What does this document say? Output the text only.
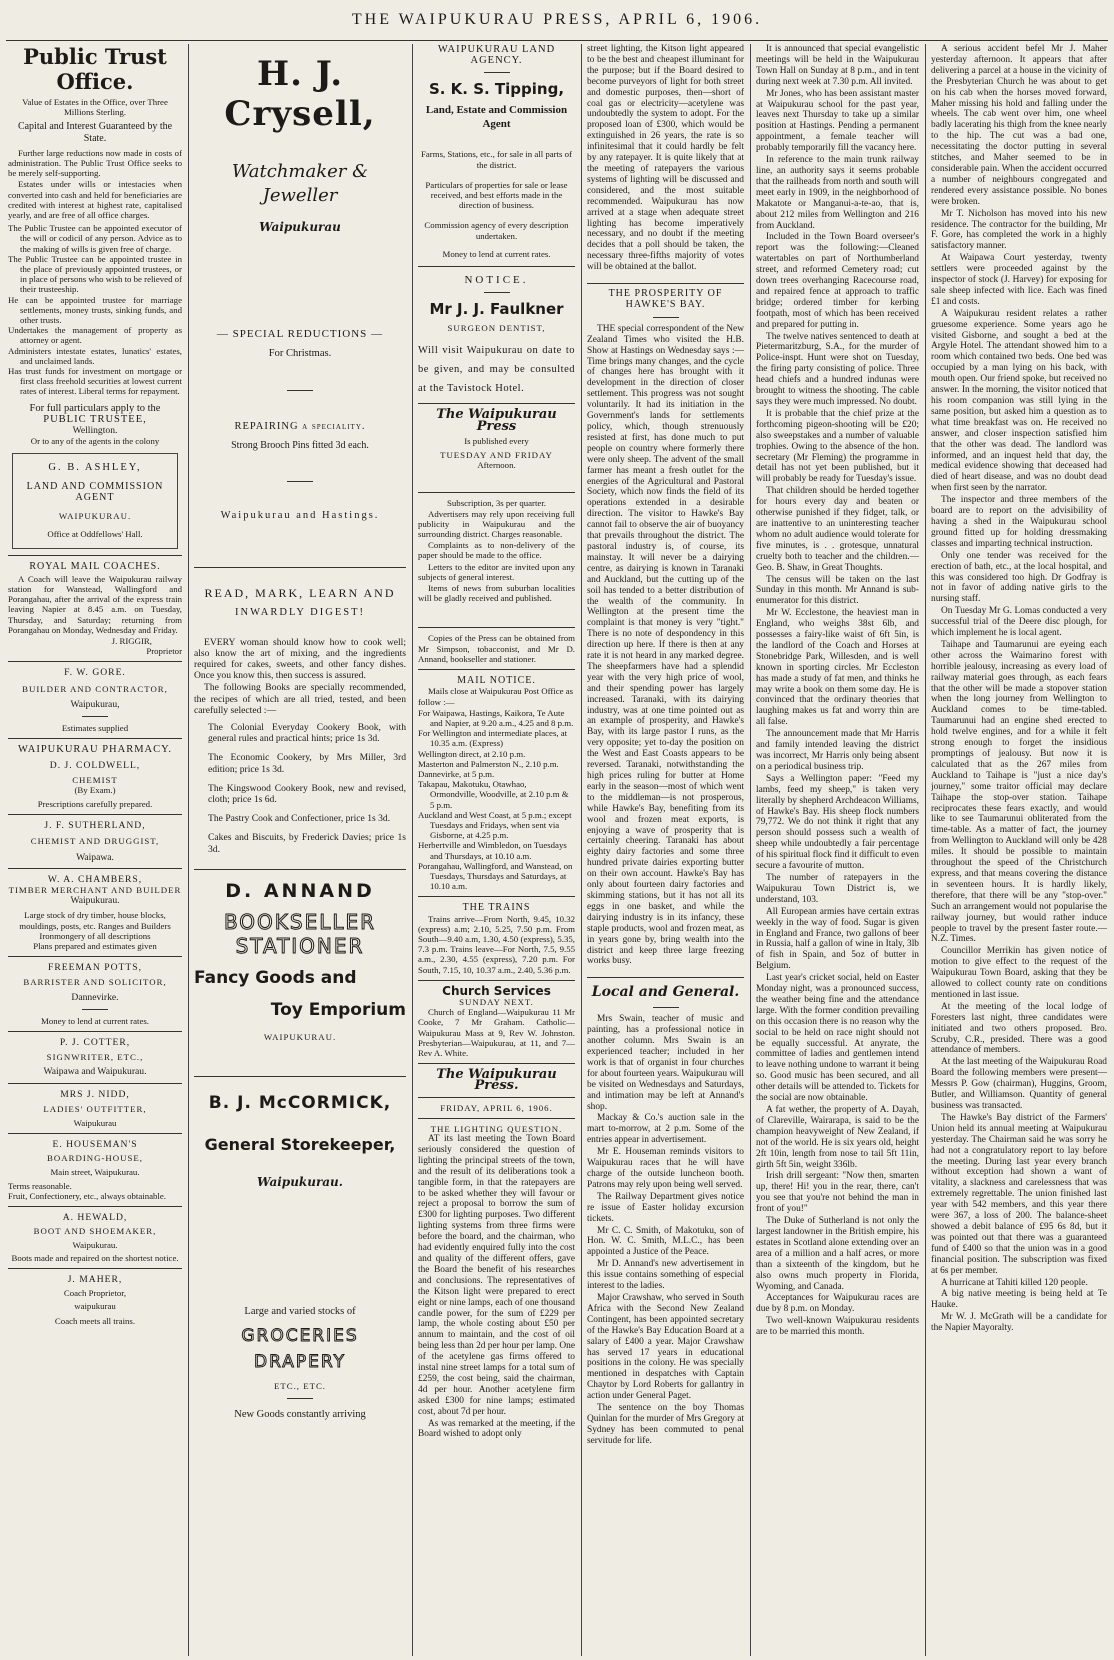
THE WAIPUKURAU PRESS, APRIL 6, 1906.
Public Trust Office.
Value of Estates in the Office, over Three Millions Sterling.
Capital and Interest Guaranteed by the State.
Further large reductions now made in costs of administration. The Public Trust Office seeks to be merely self-supporting.
Estates under wills or intestacies when converted into cash and held for beneficiaries are credited with interest at highest rate, capitalised yearly, and are free of all office charges.
The Public Trustee can be appointed executor of the will or codicil of any person. Advice as to the making of wills is given free of charge.
The Public Trustee can be appointed trustee in the place of previously appointed trustees, or in place of persons who wish to be relieved of their trusteeship.
He can be appointed trustee for marriage settlements, money trusts, sinking funds, and other trusts.
Undertakes the management of property as attorney or agent.
Administers intestate estates, lunatics' estates, and unclaimed lands.
Has trust funds for investment on mortgage or first class freehold securities at lowest current rates of interest. Liberal terms for repayment.
For full particulars apply to the
PUBLIC TRUSTEE,
Wellington.
Or to any of the agents in the colony
G. B. ASHLEY,
LAND AND COMMISSION AGENT
WAIPUKURAU.
Office at Oddfellows' Hall.
ROYAL MAIL COACHES.
A Coach will leave the Waipukurau railway station for Wanstead, Wallingford and Porangahau, after the arrival of the express train leaving Napier at 8.45 a.m. on Tuesday, Thursday, and Saturday; returning from Porangahau on Monday, Wednesday and Friday.
J. RIGGIR,
Proprietor
F. W. GORE.
BUILDER AND CONTRACTOR,
Waipukurau,
Estimates supplied
WAIPUKURAU PHARMACY.
D. J. COLDWELL,
CHEMIST
(By Exam.)
Prescriptions carefully prepared.
J. F. SUTHERLAND,
CHEMIST AND DRUGGIST,
Waipawa.
W. A. CHAMBERS,
TIMBER MERCHANT AND BUILDER
Waipukurau.
Large stock of dry timber, house blocks, mouldings, posts, etc. Ranges and Builders Ironmongery of all descriptions
Plans prepared and estimates given
FREEMAN POTTS,
BARRISTER AND SOLICITOR,
Dannevirke.
Money to lend at current rates.
P. J. COTTER,
SIGNWRITER, ETC.,
Waipawa and Waipukurau.
MRS J. NIDD,
LADIES' OUTFITTER,
Waipukurau
E. HOUSEMAN'S
BOARDING-HOUSE,
Main street, Waipukurau.
Terms reasonable.
Fruit, Confectionery, etc., always obtainable.
A. HEWALD,
BOOT AND SHOEMAKER,
Waipukurau.
Boots made and repaired on the shortest notice.
J. MAHER,
Coach Proprietor,
waipukurau
Coach meets all trains.
H. J. Crysell,
Watchmaker & Jeweller
Waipukurau
— SPECIAL REDUCTIONS —
For Christmas.
REPAIRING a speciality.
Strong Brooch Pins fitted 3d each.
Waipukurau and Hastings.
READ, MARK, LEARN AND
INWARDLY DIGEST!
EVERY woman should know how to cook well; also know the art of mixing, and the ingredients required for cakes, sweets, and other fancy dishes. Once you know this, then success is assured.
The following Books are specially recommended, the recipes of which are all tried, tested, and been carefully selected :—
The Colonial Everyday Cookery Book, with general rules and practical hints; price 1s 3d.
The Economic Cookery, by Mrs Miller, 3rd edition; price 1s 3d.
The Kingswood Cookery Book, new and revised, cloth; price 1s 6d.
The Pastry Cook and Confectioner, price 1s 3d.
Cakes and Biscuits, by Frederick Davies; price 1s 3d.
D. ANNAND
BOOKSELLER
STATIONER
Fancy Goods and
Toy Emporium
WAIPUKURAU.
B. J. McCORMICK,
General Storekeeper,
Waipukurau.
Large and varied stocks of
GROCERIES
DRAPERY
ETC., ETC.
New Goods constantly arriving
WAIPUKURAU LAND AGENCY.
S. K. S. Tipping,
Land, Estate and Commission Agent
Farms, Stations, etc., for sale in all parts of the district.
Particulars of properties for sale or lease received, and best efforts made in the direction of business.
Commission agency of every description undertaken.
Money to lend at current rates.
NOTICE.
Mr J. J. Faulkner
SURGEON DENTIST,
Will visit Waipukurau on date to be given, and may be consulted at the Tavistock Hotel.
The Waipukurau Press
Is published every
TUESDAY AND FRIDAY
Afternoon.
Subscription, 3s per quarter.
Advertisers may rely upon receiving full publicity in Waipukurau and the surrounding district. Charges reasonable.
Complaints as to non-delivery of the paper should be made to the office.
Letters to the editor are invited upon any subjects of general interest.
Items of news from suburban localities will be gladly received and published.
Copies of the Press can be obtained from Mr Simpson, tobacconist, and Mr D. Annand, bookseller and stationer.
MAIL NOTICE.
Mails close at Waipukurau Post Office as follow :—
For Waipawa, Hastings, Kaikora, Te Aute and Napier, at 9.20 a.m., 4.25 and 8 p.m.
For Wellington and intermediate places, at 10.35 a.m. (Express)
Wellington direct, at 2.10 p.m.
Masterton and Palmerston N., 2.10 p.m.
Dannevirke, at 5 p.m.
Takapau, Makotuku, Otawhao, Ormondville, Woodville, at 2.10 p.m & 5 p.m.
Auckland and West Coast, at 5 p.m.; except Tuesdays and Fridays, when sent via Gisborne, at 4.25 p.m.
Herbertville and Wimbledon, on Tuesdays and Thursdays, at 10.10 a.m.
Porangahau, Wallingford, and Wanstead, on Tuesdays, Thursdays and Saturdays, at 10.10 a.m.
THE TRAINS
Trains arrive—From North, 9.45, 10.32 (express) a.m; 2.10, 5.25, 7.50 p.m. From South—9.40 a.m, 1.30, 4.50 (express), 5.35, 7.3 p.m. Trains leave—For North, 7.5, 9.55 a.m., 2.30, 4.55 (express), 7.20 p.m. For South, 7.15, 10, 10.37 a.m., 2.40, 5.36 p.m.
Church Services
SUNDAY NEXT.
Church of England—Waipukurau 11 Mr Cooke, 7 Mr Graham. Catholic—Waipukurau Mass at 9, Rev W. Johnston. Presbyterian—Waipukurau, at 11, and 7—Rev A. White.
The Waipukurau Press.
FRIDAY, APRIL 6, 1906.
THE LIGHTING QUESTION.
AT its last meeting the Town Board seriously considered the question of lighting the principal streets of the town, and the result of its deliberations took a tangible form, in that the ratepayers are to be asked whether they will favour or reject a proposal to borrow the sum of £300 for lighting purposes. Two different lighting systems from three firms were before the board, and the chairman, who had evidently enquired fully into the cost and quality of the different offers, gave the Board the benefit of his researches and conclusions. The representatives of the Kitson light were prepared to erect eight or nine lamps, each of one thousand candle power, for the sum of £229 per lamp, the whole costing about £50 per annum to maintain, and the cost of oil being less than 2d per hour per lamp. One of the acetylene gas firms offered to instal nine street lamps for a total sum of £259, the cost being, said the chairman, 4d per hour. Another acetylene firm asked £300 for nine lamps; estimated cost, about 7d per hour.
As was remarked at the meeting, if the Board wished to adopt only
street lighting, the Kitson light appeared to be the best and cheapest illuminant for the purpose; but if the Board desired to become purveyors of light for both street and domestic purposes, then—short of coal gas or electricity—acetylene was undoubtedly the system to adopt. For the proposed loan of £300, which would be extinguished in 26 years, the rate is so infinitesimal that it could hardly be felt by any ratepayer. It is quite likely that at the meeting of ratepayers the various systems of lighting will be discussed and considered, and the most suitable recommended. Waipukurau has now arrived at a stage when adequate street lighting has become imperatively necessary, and no doubt if the meeting decides that a poll should be taken, the necessary three-fifths majority of votes will be obtained at the ballot.
THE PROSPERITY OF HAWKE'S BAY.
THE special correspondent of the New Zealand Times who visited the H.B. Show at Hastings on Wednesday says :—Time brings many changes, and the cycle of changes here has brought with it development in the direction of closer settlement. This progress was not sought voluntarily. It had its initiation in the Government's lands for settlements policy, which, though strenuously resisted at first, has done much to put people on country where formerly there were only sheep. The advent of the small farmer has meant a fresh outlet for the energies of the Agricultural and Pastoral Society, which now finds the field of its operations extended in a desirable direction. The visitor to Hawke's Bay cannot fail to observe the air of buoyancy that prevails throughout the district. The pastoral industry is, of course, its mainstay. It will never be a dairying centre, as dairying is known in Taranaki and Auckland, but the cutting up of the soil has tended to a better distribution of the wealth of the community. In Wellington at the present time the complaint is that money is very "tight." There is no note of despondency in this direction up here. If there is then at any rate it is not heard in any marked degree. The sheepfarmers have had a splendid year with the very high price of wool, and their spending power has largely increased. Taranaki, with its dairying industry, was at one time pointed out as an example of prosperity, and Hawke's Bay, with its large pastor I runs, as the very opposite; yet to-day the position on the West and East Coasts appears to be reversed. Taranaki, notwithstanding the high prices ruling for butter at Home early in the season—most of which went to the middleman—is not prosperous, while Hawke's Bay, benefiting from its wool and frozen meat exports, is enjoying a wave of prosperity that is certainly cheering. Taranaki has about eighty dairy factories and some three hundred private dairies exporting butter on their own account. Hawke's Bay has only about fourteen dairy factories and skimming stations, but it has not all its eggs in one basket, and while the dairying industry is in its infancy, these staple products, wool and frozen meat, as in years gone by, bring wealth into the district and keep three large freezing works busy.
Local and General.
Mrs Swain, teacher of music and painting, has a professional notice in another column. Mrs Swain is an experienced teacher; included in her work is that of organist in four churches for about fourteen years. Waipukurau will be visited on Wednesdays and Saturdays, and intimation may be left at Annand's shop.
Mackay & Co.'s auction sale in the mart to-morrow, at 2 p.m. Some of the entries appear in advertisement.
Mr E. Houseman reminds visitors to Waipukurau races that he will have charge of the outside luncheon booth. Patrons may rely upon being well served.
The Railway Department gives notice re issue of Easter holiday excursion tickets.
Mr C. C. Smith, of Makotuku, son of Hon. W. C. Smith, M.L.C., has been appointed a Justice of the Peace.
Mr D. Annand's new advertisement in this issue contains something of especial interest to the ladies.
Major Crawshaw, who served in South Africa with the Second New Zealand Contingent, has been appointed secretary of the Hawke's Bay Education Board at a salary of £400 a year. Major Crawshaw has served 17 years in educational positions in the colony. He was specially mentioned in despatches with Captain Chaytor by Lord Roberts for gallantry in action under General Paget.
The sentence on the boy Thomas Quinlan for the murder of Mrs Gregory at Sydney has been commuted to penal servitude for life.
It is announced that special evangelistic meetings will be held in the Waipukurau Town Hall on Sunday at 8 p.m., and in tent during next week at 7.30 p.m. All invited.
Mr Jones, who has been assistant master at Waipukurau school for the past year, leaves next Thursday to take up a similar position at Hastings. Pending a permanent appointment, a female teacher will probably temporarily fill the vacancy here.
In reference to the main trunk railway line, an authority says it seems probable that the railheads from north and south will meet early in 1909, in the neighborhood of Makatote or Manganui-a-te-ao, that is, about 212 miles from Wellington and 216 from Auckland.
Included in the Town Board overseer's report was the following:—Cleaned watertables on part of Northumberland street, and reformed Cemetery road; cut down trees overhanging Racecourse road, and repaired fence at approach to traffic bridge; ordered timber for kerbing footpath, most of which has been received and prepared for putting in.
The twelve natives sentenced to death at Pietermaritzburg, S.A., for the murder of Police-inspt. Hunt were shot on Tuesday, the firing party consisting of police. Three head chiefs and a hundred indunas were brought to witness the shooting. The cable says they were much impressed. No doubt.
It is probable that the chief prize at the forthcoming pigeon-shooting will be £20; also sweepstakes and a number of valuable trophies. Owing to the absence of the hon. secretary (Mr Fleming) the programme in detail has not yet been published, but it will probably be ready for Tuesday's issue.
That children should be herded together for hours every day and beaten or otherwise punished if they fidget, talk, or are inattentive to an uninteresting teacher whom no adult audience would tolerate for five minutes, is . . grotesque, unnatural cruelty both to teacher and the children.—Geo. B. Shaw, in Great Thoughts.
The census will be taken on the last Sunday in this month. Mr Annand is sub-enumerator for this district.
Mr W. Ecclestone, the heaviest man in England, who weighs 38st 6lb, and possesses a fairy-like waist of 6ft 5in, is the landlord of the Coach and Horses at Stonebridge Park, Willesden, and is well known in sporting circles. Mr Eccleston has made a study of fat men, and thinks he may write a book on them some day. He is convinced that the ordinary theories that laughing makes us fat and worry thin are all false.
The announcement made that Mr Harris and family intended leaving the district was incorrect, Mr Harris only being absent on a periodical business trip.
Says a Wellington paper: "Feed my lambs, feed my sheep," is taken very literally by shepherd Archdeacon Williams, of Hawke's Bay. His sheep flock numbers 79,772. We do not think it right that any person should possess such a wealth of sheep while undoubtedly a fair percentage of his spiritual flock find it difficult to even secure a favourite of mutton.
The number of ratepayers in the Waipukurau Town District is, we understand, 103.
All European armies have certain extras weekly in the way of food. Sugar is given in England and France, two gallons of beer in Russia, half a gallon of wine in Italy, 3lb of fish in Spain, and 5oz of butter in Belgium.
Last year's cricket social, held on Easter Monday night, was a pronounced success, the weather being fine and the attendance large. With the former condition prevailing on this occasion there is no reason why the social to be held on race night should not be equally successful. At anyrate, the committee of ladies and gentlemen intend to leave nothing undone to warrant it being so. Good music has been secured, and all other details will be attended to. Tickets for the social are now obtainable.
A fat wether, the property of A. Dayah, of Clareville, Wairarapa, is said to be the champion heavyweight of New Zealand, if not of the world. He is six years old, height 2ft 10in, length from nose to tail 5ft 11in, girth 5ft 5in, weight 336lb.
Irish drill sergeant: "Now then, smarten up, there! Hi! you in the rear, there, can't you see that you're not behind the man in front of you!"
The Duke of Sutherland is not only the largest landowner in the British empire, his estates in Scotland alone extending over an area of a million and a half acres, or more than a sixteenth of the kingdom, but he also owns much property in Florida, Wyoming, and Canada.
Acceptances for Waipukurau races are due by 8 p.m. on Monday.
Two well-known Waipukurau residents are to be married this month.
A serious accident befel Mr J. Maher yesterday afternoon. It appears that after delivering a parcel at a house in the vicinity of the Presbyterian Church he was about to get on his cab when the horses moved forward, Maher missing his hold and falling under the wheels. The cab went over him, one wheel badly lacerating his thigh from the knee nearly to the hip. The cut was a bad one, necessitating the doctor putting in several stitches, and Maher seemed to be in considerable pain. When the accident occurred a number of neighbours congregated and rendered every assistance possible. No bones were broken.
Mr T. Nicholson has moved into his new residence. The contractor for the building, Mr F. Gore, has completed the work in a highly satisfactory manner.
At Waipawa Court yesterday, twenty settlers were proceeded against by the inspector of stock (J. Harvey) for exposing for sale sheep infected with lice. Each was fined £1 and costs.
A Waipukurau resident relates a rather gruesome experience. Some years ago he visited Gisborne, and sought a bed at the Argyle Hotel. The attendant showed him to a room which contained two beds. One bed was occupied by a man lying on his back, with mouth open. Our friend spoke, but received no answer. In the morning, the visitor noticed that his room companion was still lying in the same position, but asked him a question as to what time breakfast was on. He received no answer, and closer inspection satisfied him that the other was dead. The landlord was informed, and an inquest held that day, the medical evidence showing that deceased had died of heart disease, and was no doubt dead when first seen by the narrator.
The inspector and three members of the board are to report on the advisibility of having a shed in the Waipukurau school ground fitted up for holding dressmaking classes and imparting technical instruction.
Only one tender was received for the erection of bath, etc., at the local hospital, and this was considered too high. Dr Godfray is not in favor of adding native girls to the nursing staff.
On Tuesday Mr G. Lomas conducted a very successful trial of the Deere disc plough, for which implement he is local agent.
Taihape and Taumarunui are eyeing each other across the Waimarino forest with horrible jealousy, increasing as every load of railway material goes through, as each fears that the other will be made a stopover station when the long journey from Wellington to Auckland comes to be time-tabled. Taumarunui had an engine shed erected to hold twelve engines, and for a while it felt strong enough to forget the insidious promptings of jealousy. But now it is calculated that as the 267 miles from Auckland to Taihape is "just a nice day's journey," some traitor official may declare Taihape the stop-over station. Taihape reciprocates these fears exactly, and would like to see Taumarunui obliterated from the time-table. As a matter of fact, the journey from Wellington to Auckland will only be 428 miles. It should be possible to maintain throughout the speed of the Christchurch express, and that means covering the distance in seventeen hours. It is hardly likely, therefore, that there will be any "stop-over." Such an arrangement would not popularise the railway journey, but would rather induce people to travel by the present faster route.—N.Z. Times.
Councillor Merrikin has given notice of motion to give effect to the request of the Waipukurau Town Board, asking that they be allowed to collect county rate on conditions mentioned in last issue.
At the meeting of the local lodge of Foresters last night, three candidates were initiated and two others proposed. Bro. Scruby, C.R., presided. There was a good attendance of members.
At the last meeting of the Waipukurau Road Board the following members were present—Messrs P. Gow (chairman), Huggins, Groom, Butler, and Williamson. Quantity of general business was transacted.
The Hawke's Bay district of the Farmers' Union held its annual meeting at Waipukurau yesterday. The Chairman said he was sorry he had not a congratulatory report to lay before the meeting. During last year every branch without exception had shown a want of vitality, a slackness and carelessness that was extremely regrettable. The union finished last year with 542 members, and this year there were 367, a loss of 200. The balance-sheet showed a debit balance of £95 6s 8d, but it was pointed out that there was a guaranteed fund of £400 so that the union was in a good financial position. The subscription was fixed at 6s per member.
A hurricane at Tahiti killed 120 people.
A big native meeting is being held at Te Hauke.
Mr W. J. McGrath will be a candidate for the Napier Mayoralty.
